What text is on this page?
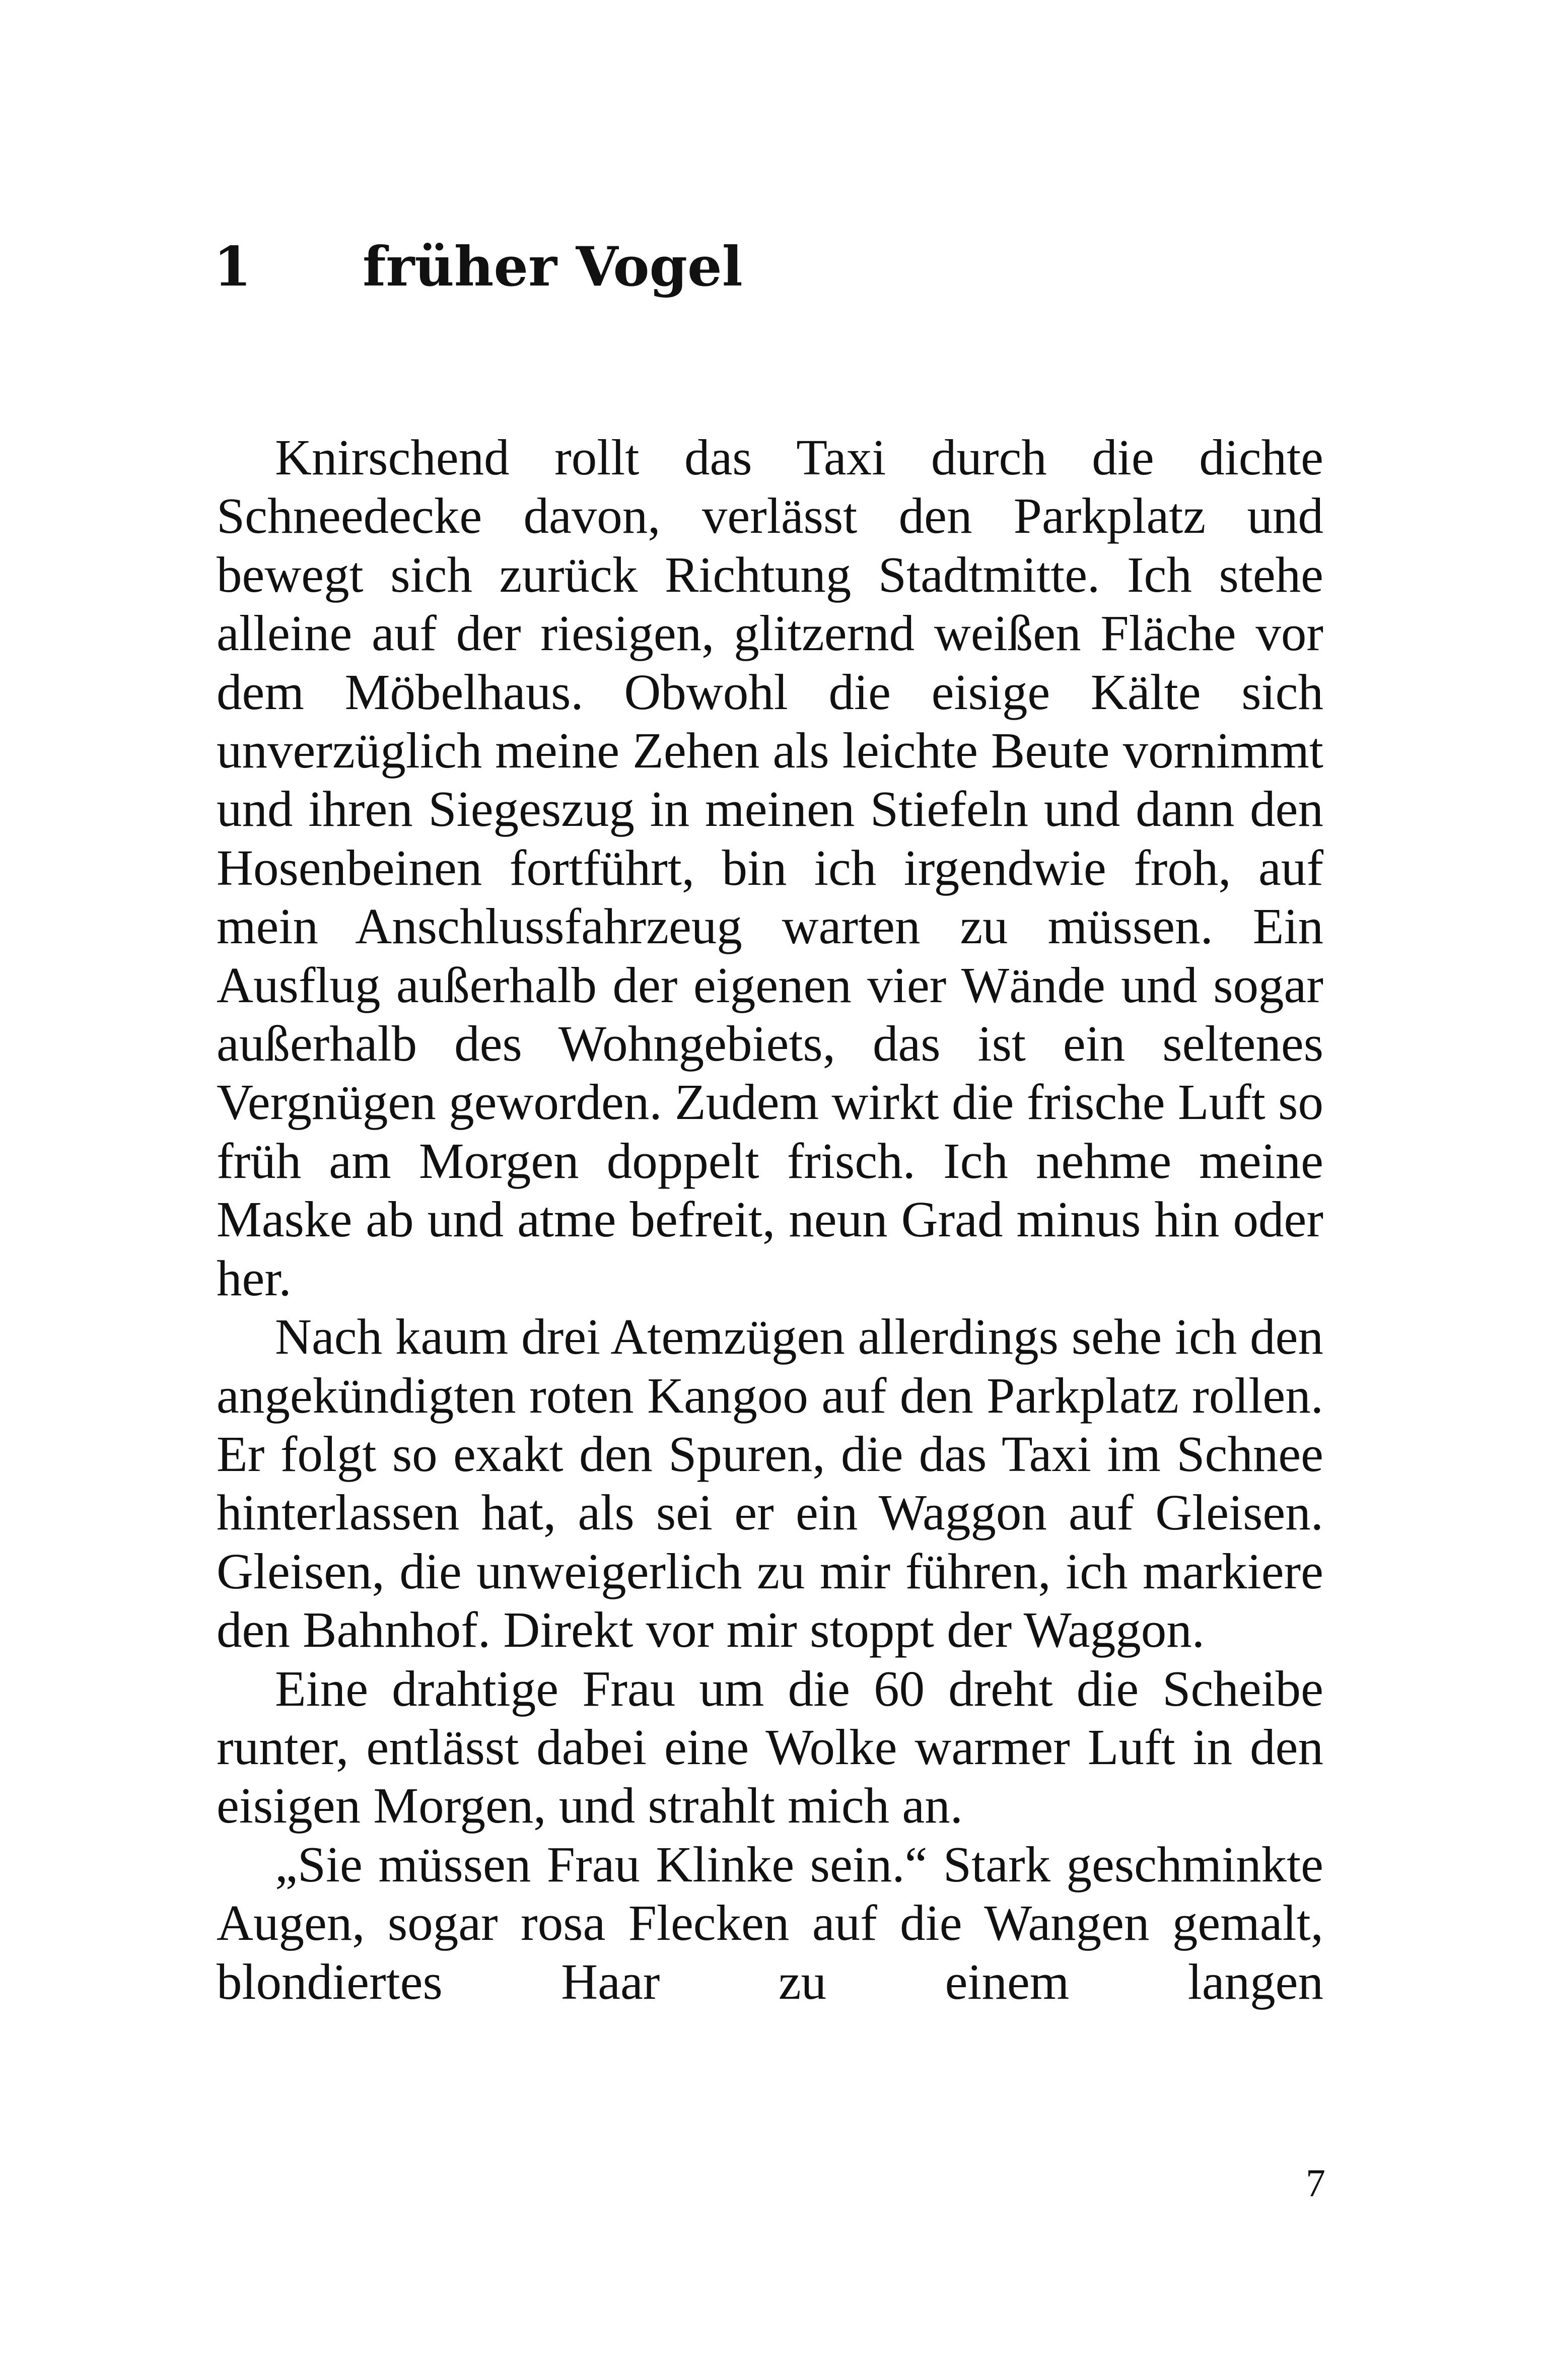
1 früher Vogel

Knirschend rollt das Taxi durch die dichte Schneedecke davon, verlässt den Parkplatz und bewegt sich zurück Richtung Stadtmitte. Ich stehe alleine auf der riesigen, glitzernd weißen Fläche vor dem Möbelhaus. Obwohl die eisige Kälte sich unverzüglich meine Zehen als leichte Beute vornimmt und ihren Siegeszug in meinen Stiefeln und dann den Hosenbeinen fortführt, bin ich irgendwie froh, auf mein Anschlussfahrzeug warten zu müssen. Ein Ausflug außerhalb der eigenen vier Wände und sogar außerhalb des Wohngebiets, das ist ein seltenes Vergnügen geworden. Zudem wirkt die frische Luft so früh am Morgen doppelt frisch. Ich nehme meine Maske ab und atme befreit, neun Grad minus hin oder her.

Nach kaum drei Atemzügen allerdings sehe ich den angekündigten roten Kangoo auf den Parkplatz rollen. Er folgt so exakt den Spuren, die das Taxi im Schnee hinterlassen hat, als sei er ein Waggon auf Gleisen. Gleisen, die unweigerlich zu mir führen, ich markiere den Bahnhof. Direkt vor mir stoppt der Waggon.

Eine drahtige Frau um die 60 dreht die Scheibe runter, entlässt dabei eine Wolke warmer Luft in den eisigen Morgen, und strahlt mich an.

„Sie müssen Frau Klinke sein.“ Stark geschminkte Augen, sogar rosa Flecken auf die Wangen gemalt, blondiertes Haar zu einem langen

7
